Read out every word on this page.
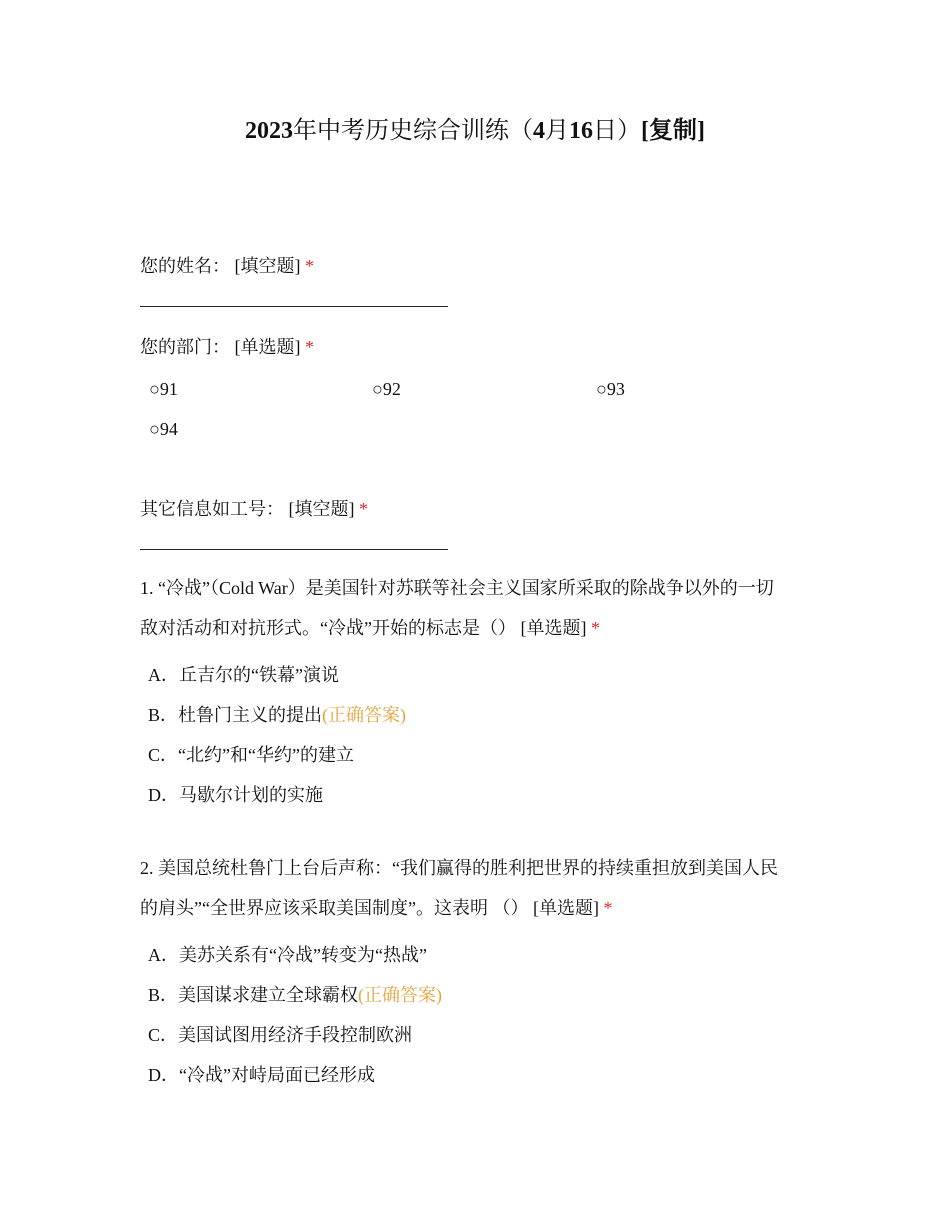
2023年中考历史综合训练（4月16日）[复制]
您的姓名： [填空题] *
您的部门： [单选题] *
○91	○92	○93
○94
其它信息如工号： [填空题] *
1. “冷战”（Cold War）是美国针对苏联等社会主义国家所采取的除战争以外的一切
敌对活动和对抗形式。“冷战”开始的标志是（） [单选题] *
A．丘吉尔的“铁幕”演说
B．杜鲁门主义的提出(正确答案)
C．“北约”和“华约”的建立
D．马歇尔计划的实施
2. 美国总统杜鲁门上台后声称：“我们赢得的胜利把世界的持续重担放到美国人民
的肩头”“全世界应该采取美国制度”。这表明 （） [单选题] *
A．美苏关系有“冷战”转变为“热战”
B．美国谋求建立全球霸权(正确答案)
C．美国试图用经济手段控制欧洲
D．“冷战”对峙局面已经形成
